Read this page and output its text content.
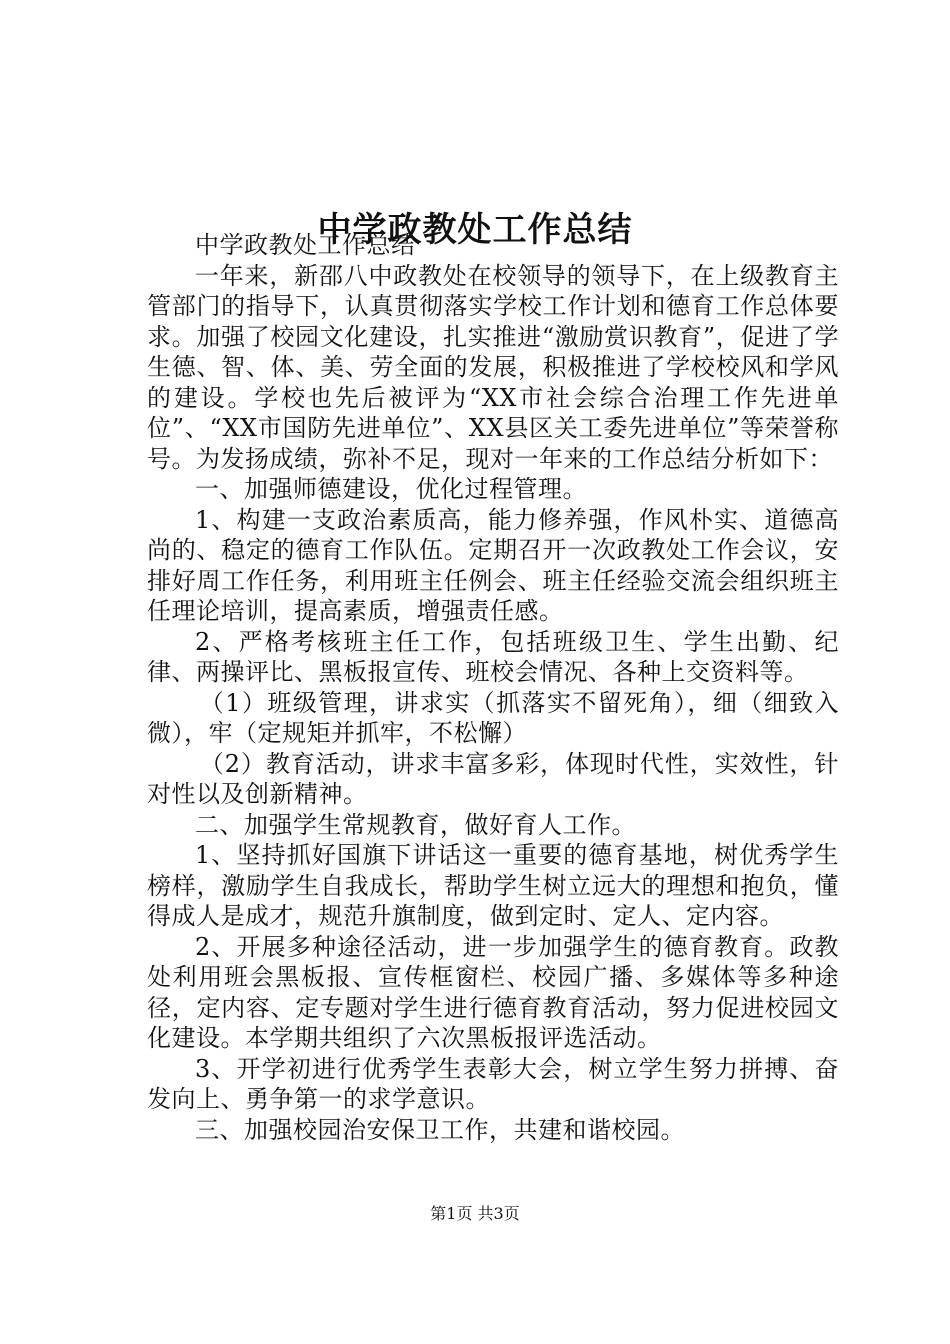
中学政教处工作总结

中学政教处工作总结

一年来，新邵八中政教处在校领导的领导下，在上级教育主管部门的指导下，认真贯彻落实学校工作计划和德育工作总体要求。加强了校园文化建设，扎实推进“激励赏识教育”，促进了学生德、智、体、美、劳全面的发展，积极推进了学校校风和学风的建设。学校也先后被评为“XX市社会综合治理工作先进单位”、“XX市国防先进单位”、XX县区关工委先进单位”等荣誉称号。为发扬成绩，弥补不足，现对一年来的工作总结分析如下：

一、加强师德建设，优化过程管理。

1、构建一支政治素质高，能力修养强，作风朴实、道德高尚的、稳定的德育工作队伍。定期召开一次政教处工作会议，安排好周工作任务，利用班主任例会、班主任经验交流会组织班主任理论培训，提高素质，增强责任感。

2、严格考核班主任工作，包括班级卫生、学生出勤、纪律、两操评比、黑板报宣传、班校会情况、各种上交资料等。

（1）班级管理，讲求实（抓落实不留死角），细（细致入微），牢（定规矩并抓牢，不松懈）

（2）教育活动，讲求丰富多彩，体现时代性，实效性，针对性以及创新精神。

二、加强学生常规教育，做好育人工作。

1、坚持抓好国旗下讲话这一重要的德育基地，树优秀学生榜样，激励学生自我成长，帮助学生树立远大的理想和抱负，懂得成人是成才，规范升旗制度，做到定时、定人、定内容。

2、开展多种途径活动，进一步加强学生的德育教育。政教处利用班会黑板报、宣传框窗栏、校园广播、多媒体等多种途径，定内容、定专题对学生进行德育教育活动，努力促进校园文化建设。本学期共组织了六次黑板报评选活动。

3、开学初进行优秀学生表彰大会，树立学生努力拼搏、奋发向上、勇争第一的求学意识。

三、加强校园治安保卫工作，共建和谐校园。

第1页 共3页
